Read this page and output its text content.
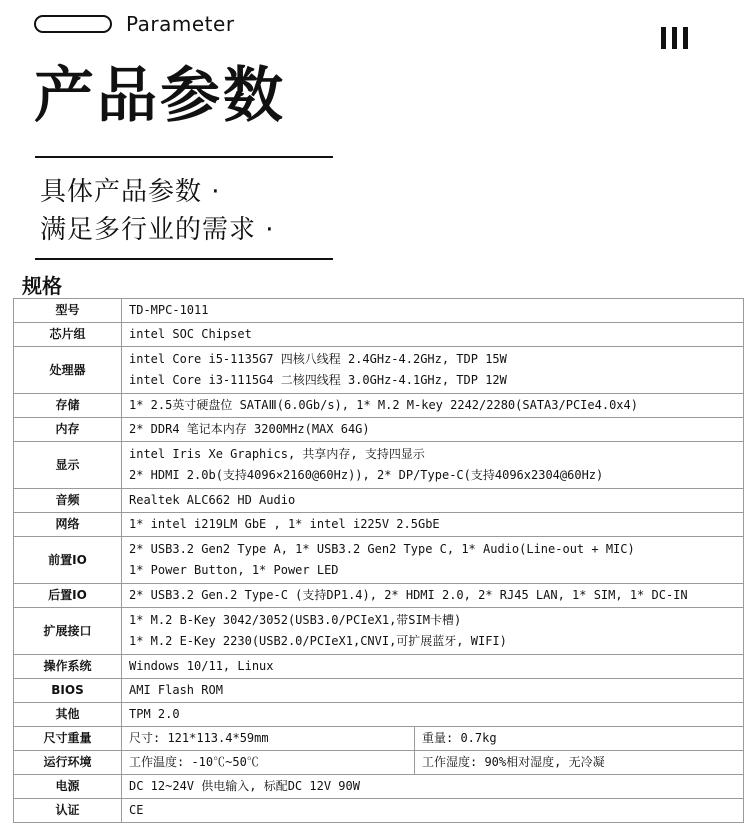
Parameter
产品参数
具体产品参数 ·
满足多行业的需求 ·
规格
型号	TD-MPC-1011	
芯片组	intel SOC Chipset	
处理器	intel Core i5-1135G7 四核八线程 2.4GHz-4.2GHz, TDP 15W
intel Core i3-1115G4 二核四线程 3.0GHz-4.1GHz, TDP 12W	

存储	1* 2.5英寸硬盘位 SATAⅢ(6.0Gb/s), 1* M.2 M-key 2242/2280(SATA3/PCIe4.0x4)	
内存	2* DDR4 笔记本内存 3200MHz(MAX 64G)	
显示	intel Iris Xe Graphics, 共享内存, 支持四显示
2* HDMI 2.0b(支持4096×2160@60Hz)), 2* DP/Type-C(支持4096x2304@60Hz)	

音频	Realtek ALC662 HD Audio	
网络	1* intel i219LM GbE , 1* intel i225V 2.5GbE	
前置IO	2* USB3.2 Gen2 Type A, 1* USB3.2 Gen2 Type C, 1* Audio(Line-out + MIC)
1* Power Button, 1* Power LED	

后置IO	2* USB3.2 Gen.2 Type-C (支持DP1.4), 2* HDMI 2.0, 2* RJ45 LAN, 1* SIM, 1* DC-IN	
扩展接口	1* M.2 B-Key 3042/3052(USB3.0/PCIeX1,带SIM卡槽)
1* M.2 E-Key 2230(USB2.0/PCIeX1,CNVI,可扩展蓝牙, WIFI)	

操作系统	Windows 10/11, Linux	
BIOS	AMI Flash ROM	
其他	TPM 2.0	
尺寸重量	尺寸: 121*113.4*59mm	重量: 0.7kg
运行环境	工作温度: -10℃~50℃	工作湿度: 90%相对湿度, 无冷凝
电源	DC 12~24V 供电输入, 标配DC 12V 90W	
认证	CE	
